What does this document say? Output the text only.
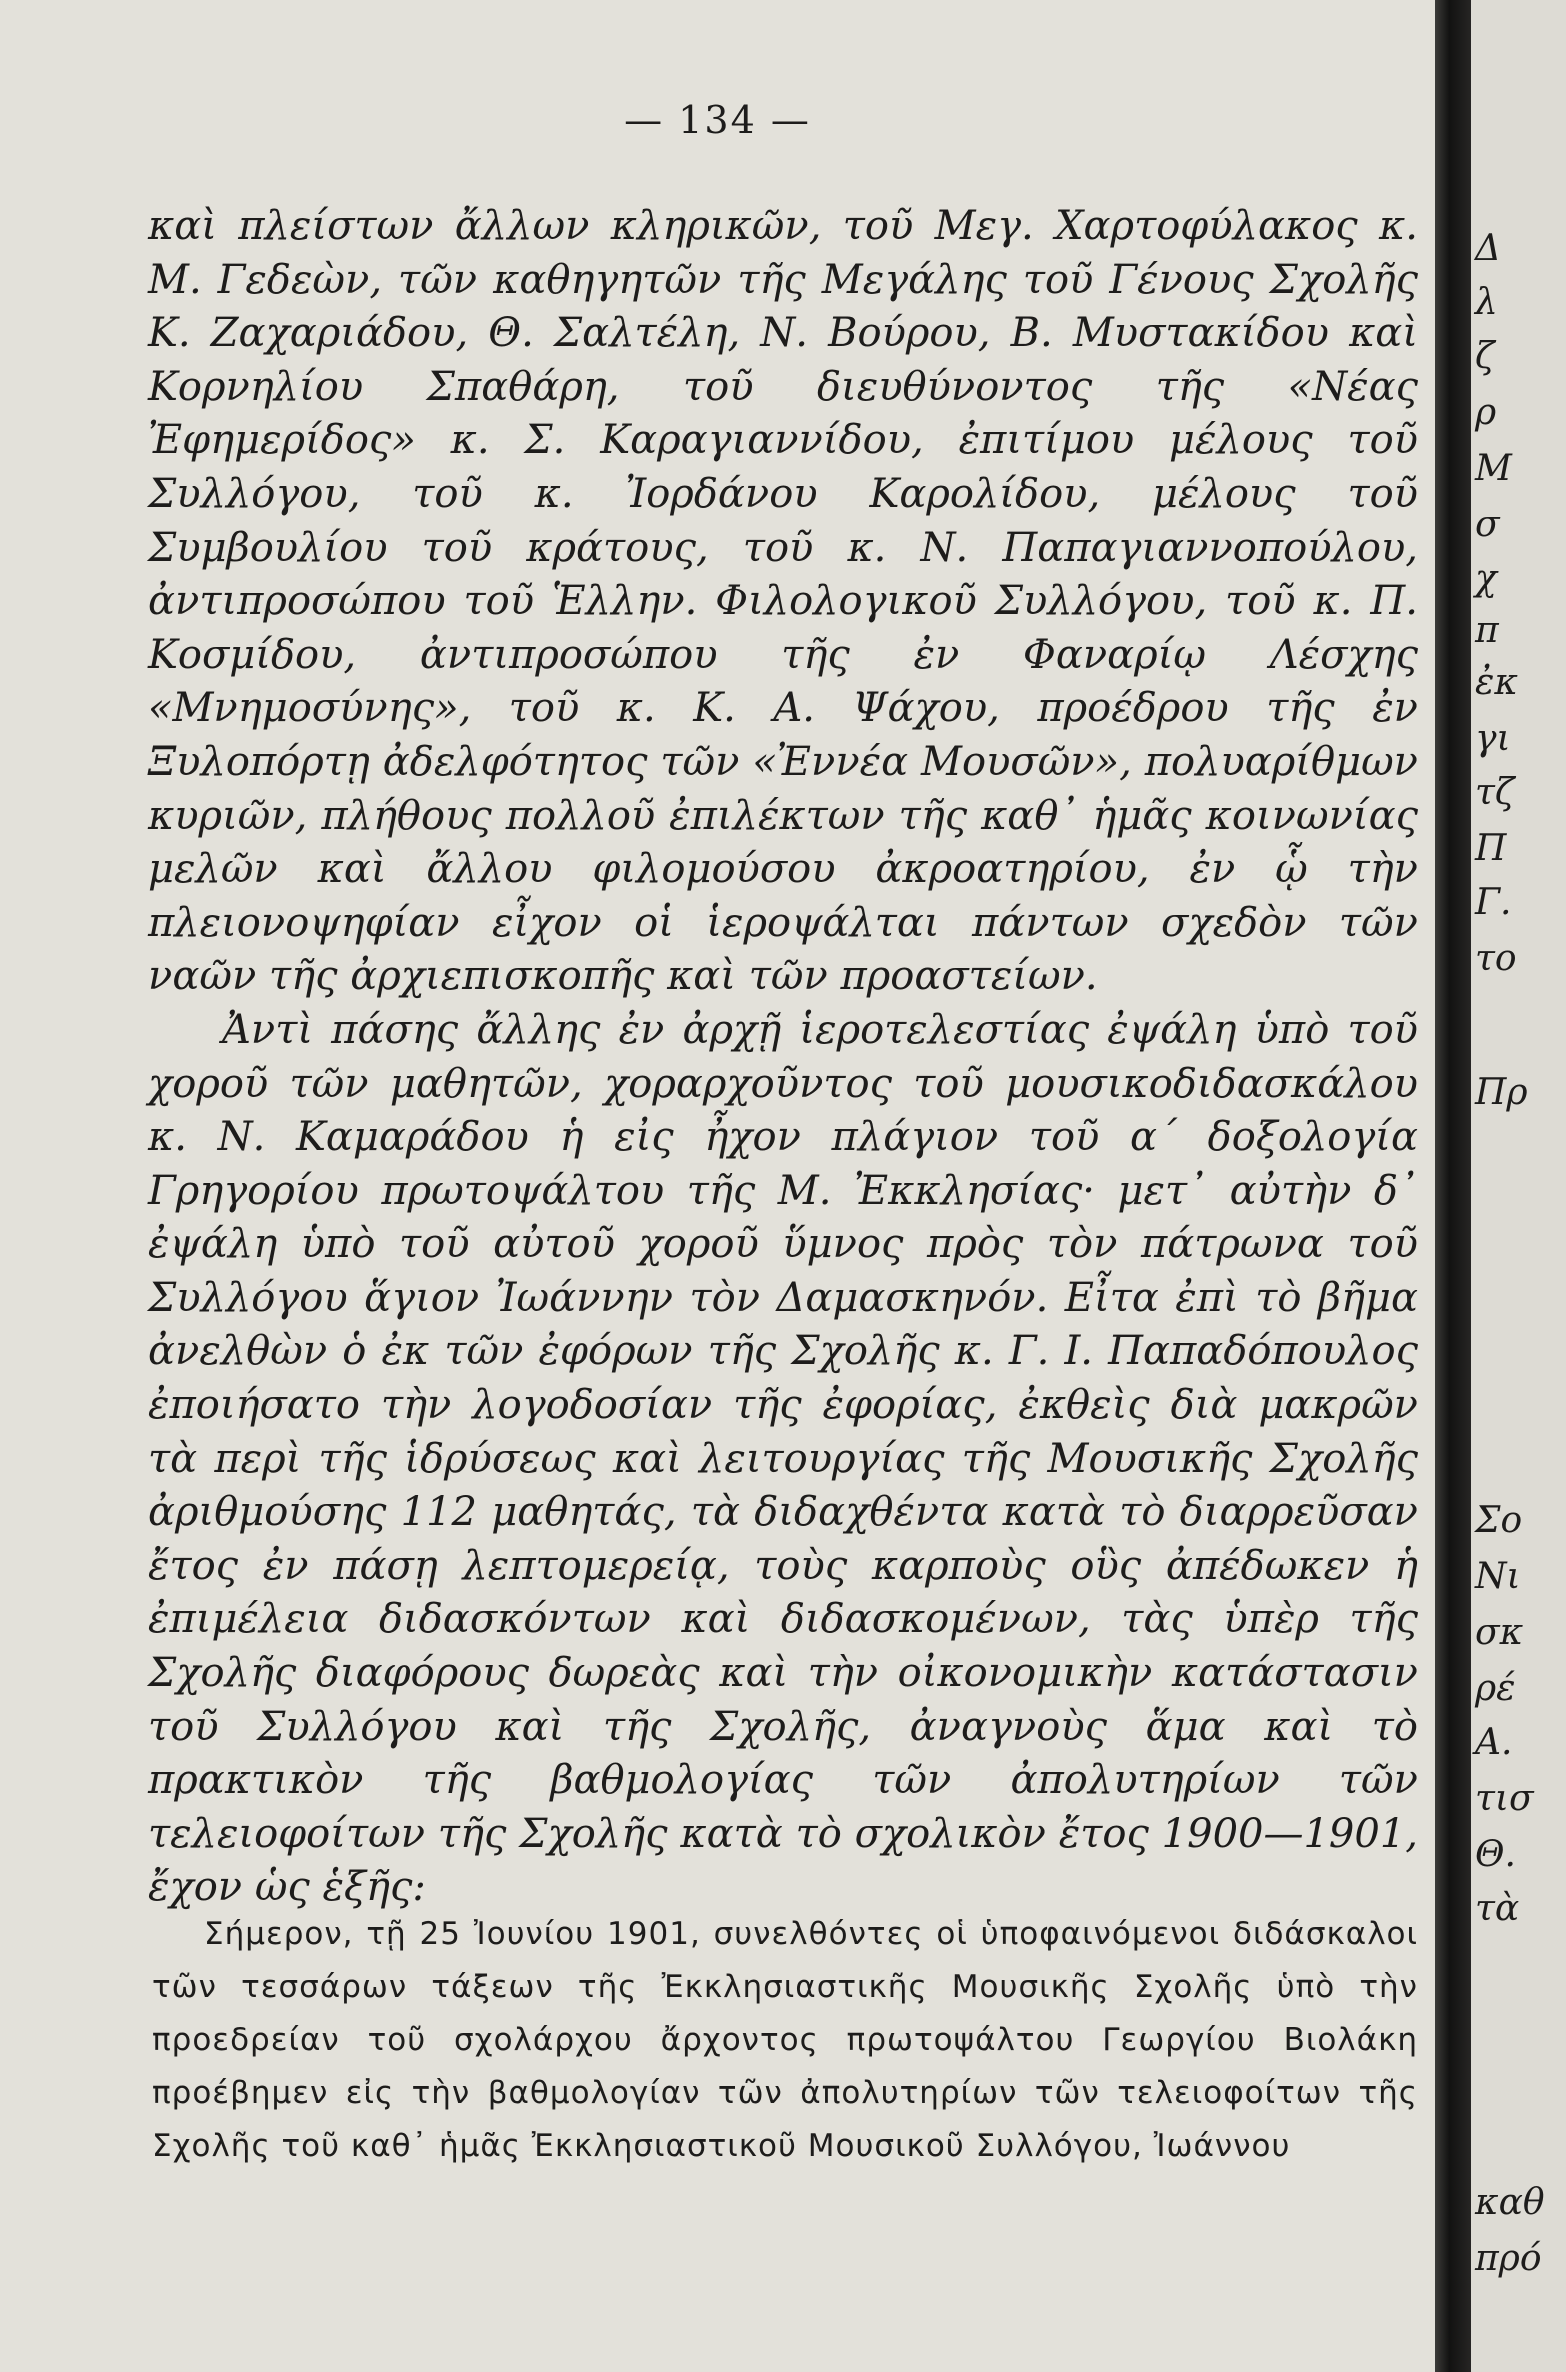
— 134 —

καὶ πλείστων ἄλλων κληρικῶν, τοῦ Μεγ. Χαρτοφύλακος κ. Μ. Γεδεὼν, τῶν καθηγητῶν τῆς Μεγάλης τοῦ Γένους Σχολῆς Κ. Ζαχαριάδου, Θ. Σαλτέλη, Ν. Βούρου, Β. Μυστακίδου καὶ Κορνηλίου Σπαθάρη, τοῦ διευθύνοντος τῆς «Νέας Ἐφημερίδος» κ. Σ. Καραγιαννίδου, ἐπιτίμου μέλους τοῦ Συλλόγου, τοῦ κ. Ἰορδάνου Καρολίδου, μέλους τοῦ Συμβουλίου τοῦ κράτους, τοῦ κ. Ν. Παπαγιαννοπούλου, ἀντιπροσώπου τοῦ Ἑλλην. Φιλολογικοῦ Συλλόγου, τοῦ κ. Π. Κοσμίδου, ἀντιπροσώπου τῆς ἐν Φαναρίῳ Λέσχης «Μνημοσύνης», τοῦ κ. Κ. Α. Ψάχου, προέδρου τῆς ἐν Ξυλοπόρτῃ ἀδελφότητος τῶν «Ἐννέα Μουσῶν», πολυαρίθμων κυριῶν, πλήθους πολλοῦ ἐπιλέκτων τῆς καθ᾽ ἡμᾶς κοινωνίας μελῶν καὶ ἄλλου φιλομούσου ἀκροατηρίου, ἐν ᾧ τὴν πλειονοψηφίαν εἶχον οἱ ἱεροψάλται πάντων σχεδὸν τῶν ναῶν τῆς ἀρχιεπισκοπῆς καὶ τῶν προαστείων.

Ἀντὶ πάσης ἄλλης ἐν ἀρχῇ ἱεροτελεστίας ἐψάλη ὑπὸ τοῦ χοροῦ τῶν μαθητῶν, χοραρχοῦντος τοῦ μουσικοδιδασκάλου κ. Ν. Καμαράδου ἡ εἰς ἦχον πλάγιον τοῦ α´ δοξολογία Γρηγορίου πρωτοψάλτου τῆς Μ. Ἐκκλησίας· μετ᾽ αὐτὴν δ᾽ ἐψάλη ὑπὸ τοῦ αὐτοῦ χοροῦ ὕμνος πρὸς τὸν πάτρωνα τοῦ Συλλόγου ἅγιον Ἰωάννην τὸν Δαμασκηνόν. Εἶτα ἐπὶ τὸ βῆμα ἀνελθὼν ὁ ἐκ τῶν ἐφόρων τῆς Σχολῆς κ. Γ. Ι. Παπαδόπουλος ἐποιήσατο τὴν λογοδοσίαν τῆς ἐφορίας, ἐκθεὶς διὰ μακρῶν τὰ περὶ τῆς ἱδρύσεως καὶ λειτουργίας τῆς Μουσικῆς Σχολῆς ἀριθμούσης 112 μαθητάς, τὰ διδαχθέντα κατὰ τὸ διαρρεῦσαν ἔτος ἐν πάσῃ λεπτομερείᾳ, τοὺς καρποὺς οὓς ἀπέδωκεν ἡ ἐπιμέλεια διδασκόντων καὶ διδασκομένων, τὰς ὑπὲρ τῆς Σχολῆς διαφόρους δωρεὰς καὶ τὴν οἰκονομικὴν κατάστασιν τοῦ Συλλόγου καὶ τῆς Σχολῆς, ἀναγνοὺς ἅμα καὶ τὸ πρακτικὸν τῆς βαθμολογίας τῶν ἀπολυτηρίων τῶν τελειοφοίτων τῆς Σχολῆς κατὰ τὸ σχολικὸν ἔτος 1900—1901, ἔχον ὡς ἑξῆς:

Σήμερον, τῇ 25 Ἰουνίου 1901, συνελθόντες οἱ ὑποφαινόμενοι διδάσκαλοι τῶν τεσσάρων τάξεων τῆς Ἐκκλησιαστικῆς Μουσικῆς Σχολῆς ὑπὸ τὴν προεδρείαν τοῦ σχολάρχου ἄρχοντος πρωτοψάλτου Γεωργίου Βιολάκη προέβημεν εἰς τὴν βαθμολογίαν τῶν ἀπολυτηρίων τῶν τελειοφοίτων τῆς Σχολῆς τοῦ καθ᾽ ἡμᾶς Ἐκκλησιαστικοῦ Μουσικοῦ Συλλόγου, Ἰωάννου

Δ
λ
ζ
ρ
Μ
σ
χ
π
ἐκ
γι
τζ
Π
Γ.
το
Πρ
Σο
Νι
σκ
ρέ
Α.
τισ
Θ.
τὰ
καθ
πρό
